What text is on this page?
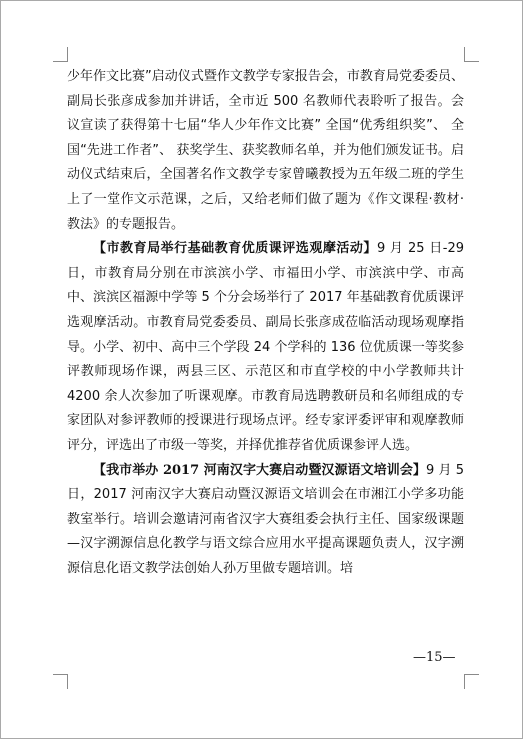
少年作文比赛”启动仪式暨作文教学专家报告会，市教育局党委委员、副局长张彦成参加并讲话，全市近 500 名教师代表聆听了报告。会议宣读了获得第十七届“华人少年作文比赛” 全国“优秀组织奖”、 全国“先进工作者”、 获奖学生、获奖教师名单，并为他们颁发证书。启动仪式结束后，全国著名作文教学专家曾曦教授为五年级二班的学生上了一堂作文示范课，之后，又给老师们做了题为《作文课程·教材·教法》的专题报告。

【市教育局举行基础教育优质课评选观摩活动】9 月 25 日-29 日，市教育局分别在市滨滨小学、市福田小学、市滨滨中学、市高中、滨滨区福源中学等 5 个分会场举行了 2017 年基础教育优质课评选观摩活动。市教育局党委委员、副局长张彦成莅临活动现场观摩指导。小学、初中、高中三个学段 24 个学科的 136 位优质课一等奖参评教师现场作课，两县三区、示范区和市直学校的中小学教师共计 4200 余人次参加了听课观摩。市教育局选聘教研员和名师组成的专家团队对参评教师的授课进行现场点评。经专家评委评审和观摩教师评分，评选出了市级一等奖，并择优推荐省优质课参评人选。

【我市举办 2017 河南汉字大赛启动暨汉源语文培训会】9 月 5 日，2017 河南汉字大赛启动暨汉源语文培训会在市湘江小学多功能教室举行。培训会邀请河南省汉字大赛组委会执行主任、国家级课题—汉字溯源信息化教学与语文综合应用水平提高课题负责人，汉字溯源信息化语文教学法创始人孙万里做专题培训。培

—15—
